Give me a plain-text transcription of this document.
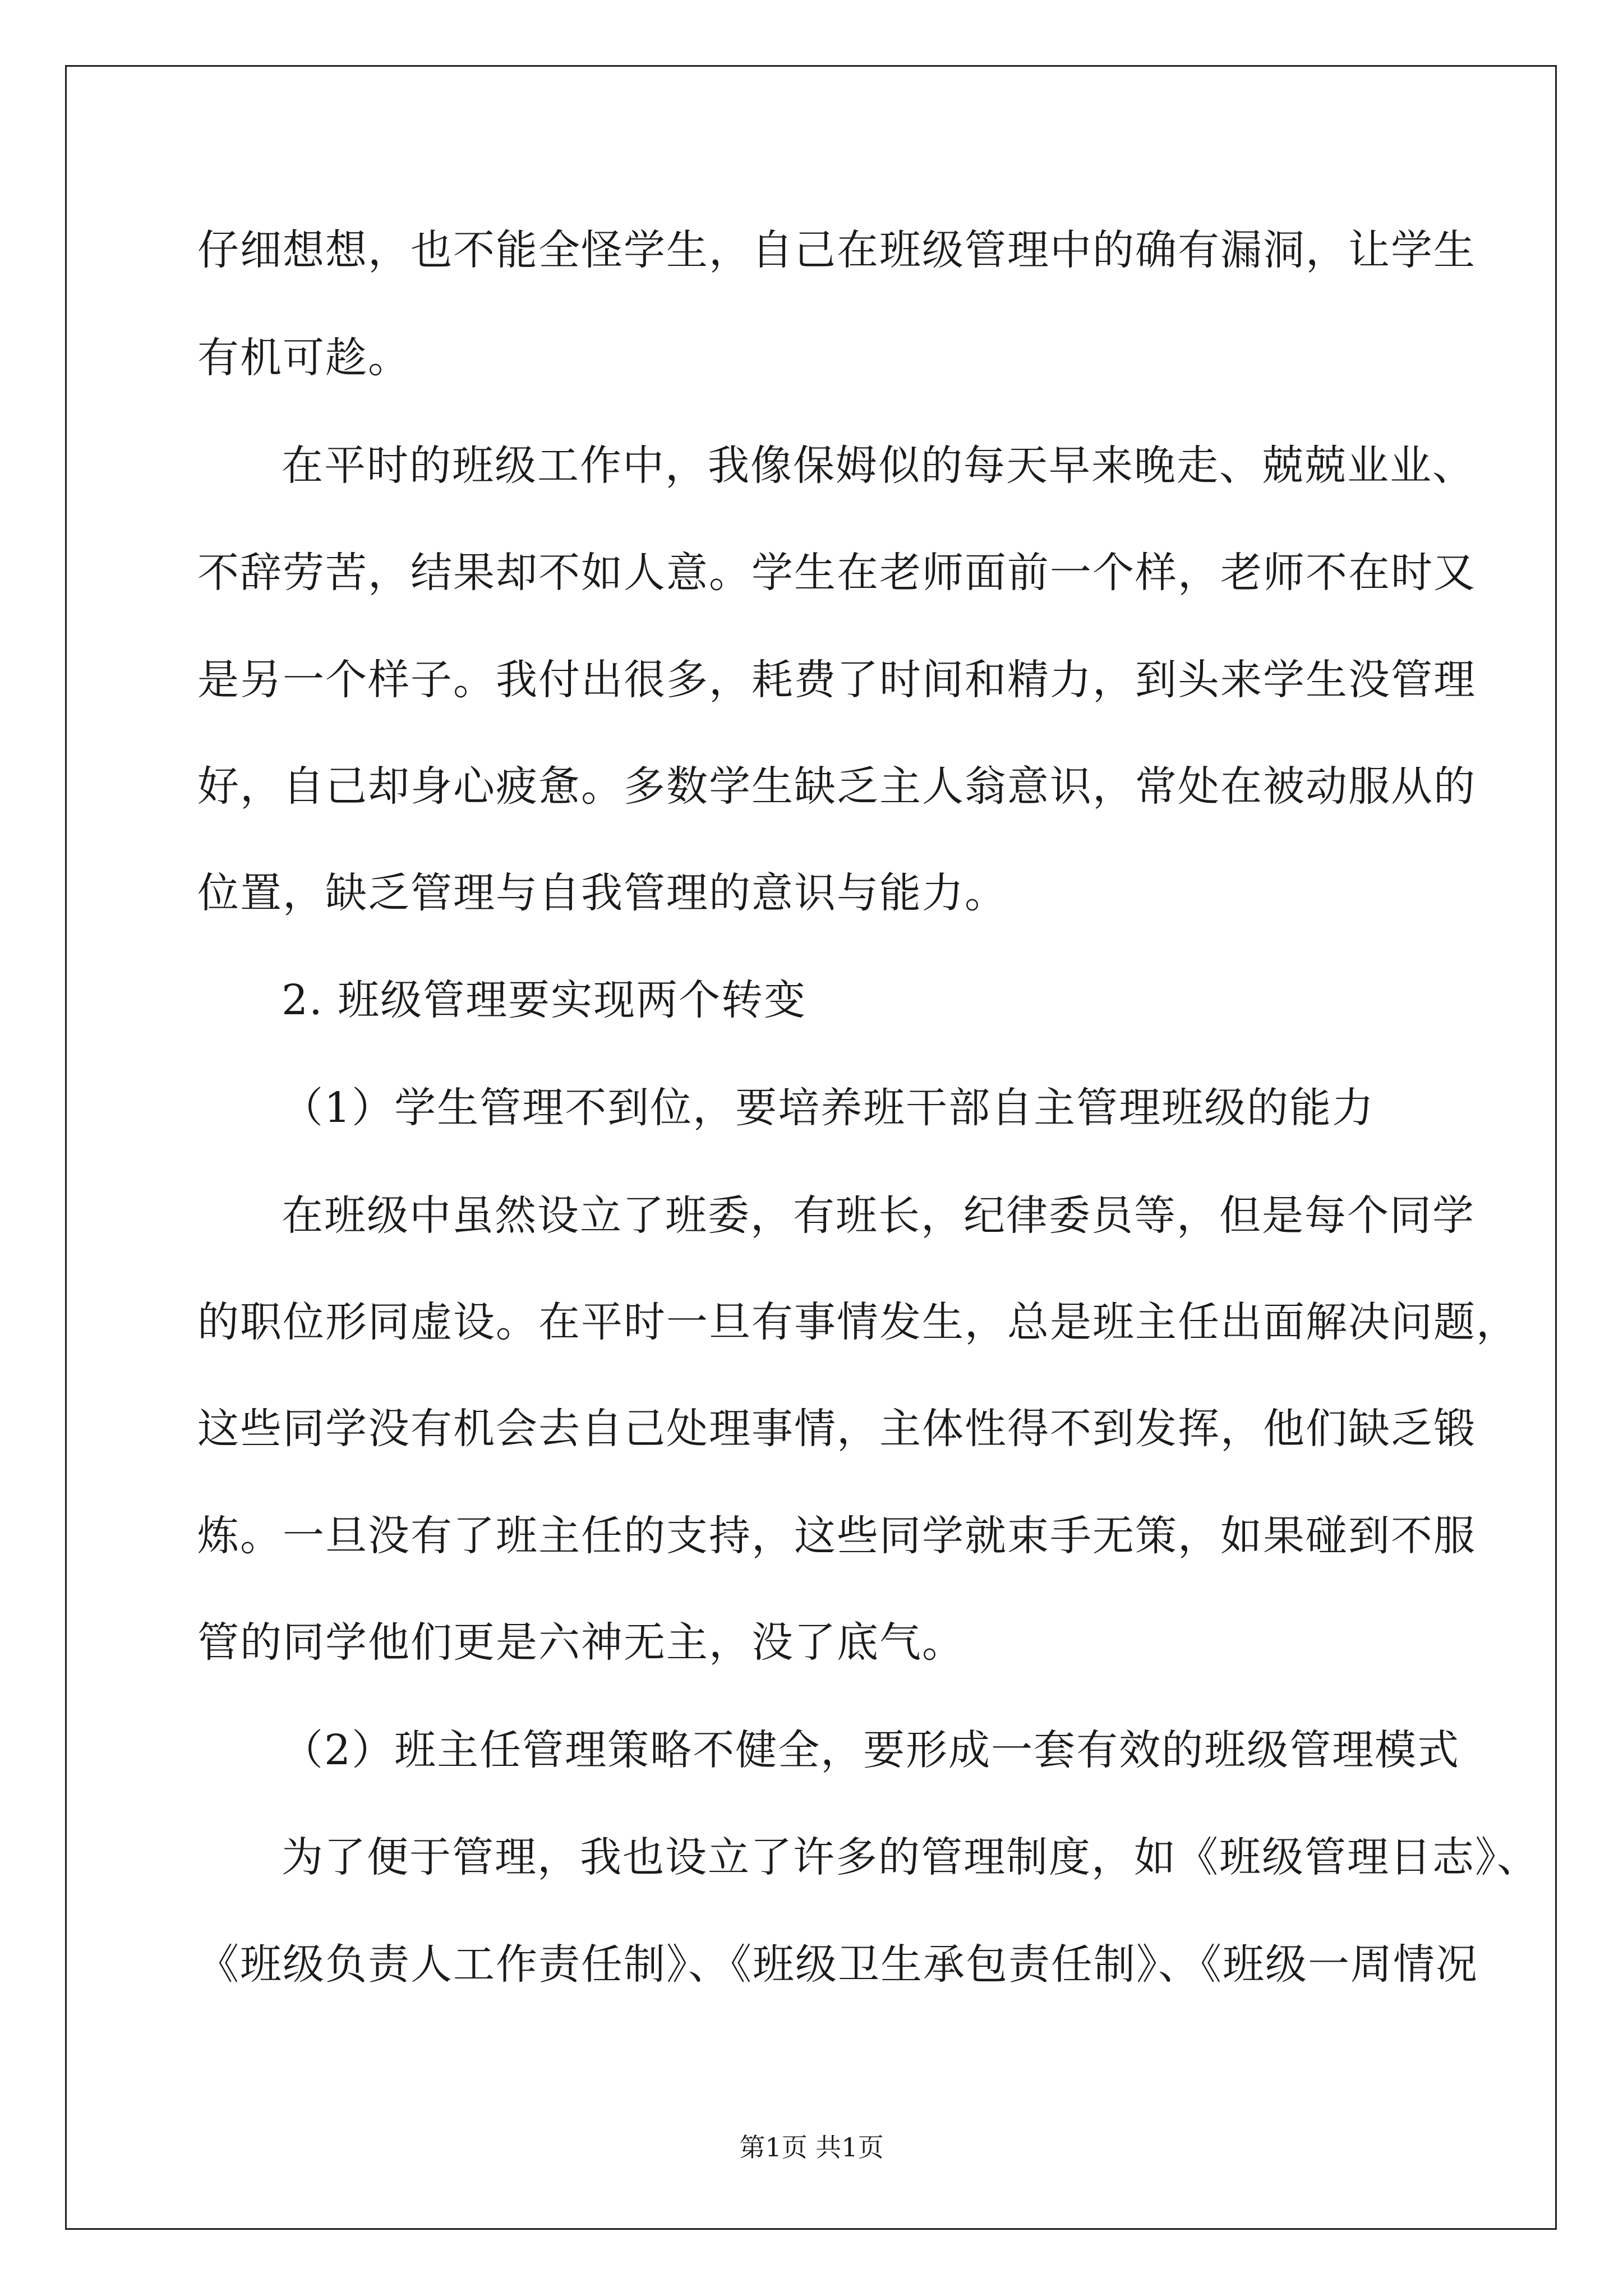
仔细想想，也不能全怪学生，自己在班级管理中的确有漏洞，让学生
有机可趁。
在平时的班级工作中，我像保姆似的每天早来晚走、兢兢业业、
不辞劳苦，结果却不如人意。学生在老师面前一个样，老师不在时又
是另一个样子。我付出很多，耗费了时间和精力，到头来学生没管理
好，自己却身心疲惫。多数学生缺乏主人翁意识，常处在被动服从的
位置，缺乏管理与自我管理的意识与能力。
2. 班级管理要实现两个转变
（1）学生管理不到位，要培养班干部自主管理班级的能力
在班级中虽然设立了班委，有班长，纪律委员等，但是每个同学
的职位形同虚设。在平时一旦有事情发生，总是班主任出面解决问题，
这些同学没有机会去自己处理事情，主体性得不到发挥，他们缺乏锻
炼。一旦没有了班主任的支持，这些同学就束手无策，如果碰到不服
管的同学他们更是六神无主，没了底气。
（2）班主任管理策略不健全，要形成一套有效的班级管理模式
为了便于管理，我也设立了许多的管理制度，如《班级管理日志》、
《班级负责人工作责任制》、《班级卫生承包责任制》、《班级一周情况
第1页 共1页
